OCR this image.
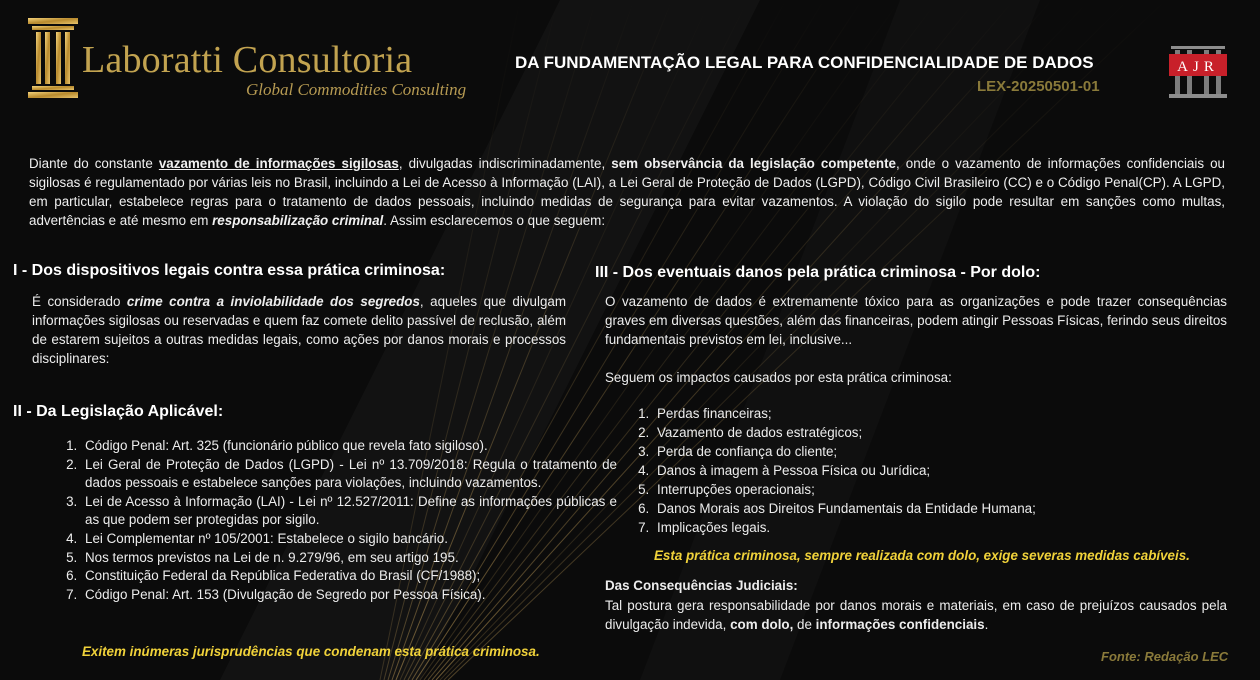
Laboratti Consultoria
Global Commodities Consulting
DA FUNDAMENTAÇÃO LEGAL PARA CONFIDENCIALIDADE DE DADOS
LEX-20250501-01
AJR
Diante do constante vazamento de informações sigilosas, divulgadas indiscriminadamente, sem observância da legislação competente, onde o vazamento de informações confidenciais ou sigilosas é regulamentado por várias leis no Brasil, incluindo a Lei de Acesso à Informação (LAI), a Lei Geral de Proteção de Dados (LGPD), Código Civil Brasileiro (CC) e o Código Penal(CP). A LGPD, em particular, estabelece regras para o tratamento de dados pessoais, incluindo medidas de segurança para evitar vazamentos. A violação do sigilo pode resultar em sanções como multas, advertências e até mesmo em responsabilização criminal. Assim esclarecemos o que seguem:
I - Dos dispositivos legais contra essa prática criminosa:
É considerado crime contra a inviolabilidade dos segredos, aqueles que divulgam informações sigilosas ou reservadas e quem faz comete delito passível de reclusão, além de estarem sujeitos a outras medidas legais, como ações por danos morais e processos disciplinares:
II - Da Legislação Aplicável:
1. Código Penal: Art. 325 (funcionário público que revela fato sigiloso).
2. Lei Geral de Proteção de Dados (LGPD) - Lei nº 13.709/2018: Regula o tratamento de dados pessoais e estabelece sanções para violações, incluindo vazamentos.
3. Lei de Acesso à Informação (LAI) - Lei nº 12.527/2011: Define as informações públicas e as que podem ser protegidas por sigilo.
4. Lei Complementar nº 105/2001: Estabelece o sigilo bancário.
5. Nos termos previstos na Lei de n. 9.279/96, em seu artigo 195.
6. Constituição Federal da República Federativa do Brasil (CF/1988);
7. Código Penal: Art. 153 (Divulgação de Segredo por Pessoa Física).
Exitem inúmeras jurisprudências que condenam esta prática criminosa.
III - Dos eventuais danos pela prática criminosa - Por dolo:
O vazamento de dados é extremamente tóxico para as organizações e pode trazer consequências graves em diversas questões, além das financeiras, podem atingir Pessoas Físicas, ferindo seus direitos fundamentais previstos em lei, inclusive...
Seguem os impactos causados por esta prática criminosa:
1. Perdas financeiras;
2. Vazamento de dados estratégicos;
3. Perda de confiança do cliente;
4. Danos à imagem à Pessoa Física ou Jurídica;
5. Interrupções operacionais;
6. Danos Morais aos Direitos Fundamentais da Entidade Humana;
7. Implicações legais.
Esta prática criminosa, sempre realizada com dolo, exige severas medidas cabíveis.
Das Consequências Judiciais:
Tal postura gera responsabilidade por danos morais e materiais, em caso de prejuízos causados pela divulgação indevida, com dolo, de informações confidenciais.
Fonte: Redação LEC
